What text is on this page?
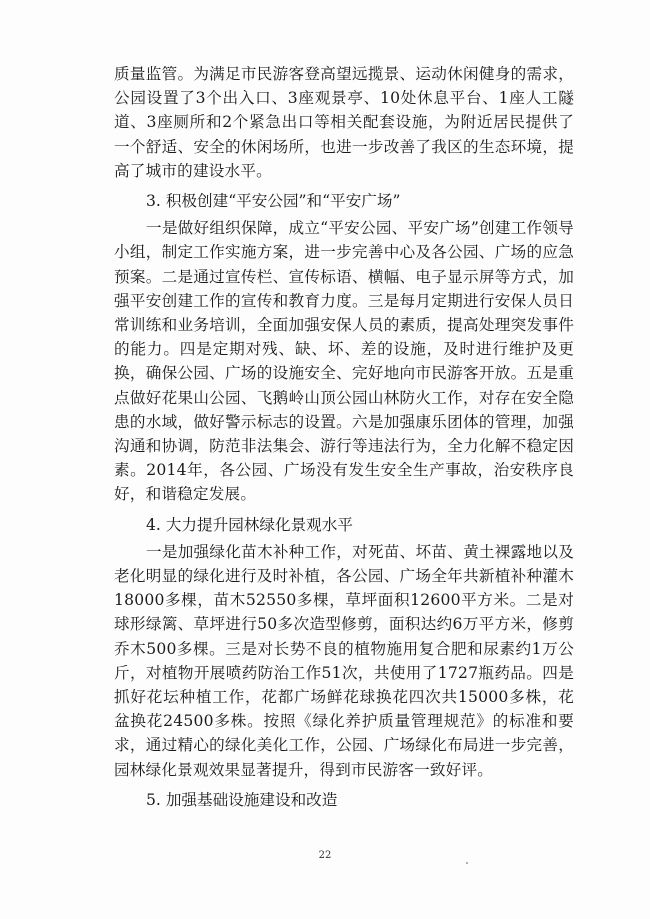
质量监管。为满足市民游客登高望远揽景、运动休闲健身的需求，公园设置了3个出入口、3座观景亭、10处休息平台、1座人工隧道、3座厕所和2个紧急出口等相关配套设施，为附近居民提供了一个舒适、安全的休闲场所，也进一步改善了我区的生态环境，提高了城市的建设水平。

3. 积极创建“平安公园”和“平安广场”

一是做好组织保障，成立“平安公园、平安广场”创建工作领导小组，制定工作实施方案，进一步完善中心及各公园、广场的应急预案。二是通过宣传栏、宣传标语、横幅、电子显示屏等方式，加强平安创建工作的宣传和教育力度。三是每月定期进行安保人员日常训练和业务培训，全面加强安保人员的素质，提高处理突发事件的能力。四是定期对残、缺、坏、差的设施，及时进行维护及更换，确保公园、广场的设施安全、完好地向市民游客开放。五是重点做好花果山公园、飞鹅岭山顶公园山林防火工作，对存在安全隐患的水域，做好警示标志的设置。六是加强康乐团体的管理，加强沟通和协调，防范非法集会、游行等违法行为，全力化解不稳定因素。2014年，各公园、广场没有发生安全生产事故，治安秩序良好，和谐稳定发展。

4. 大力提升园林绿化景观水平

一是加强绿化苗木补种工作，对死苗、坏苗、黄土裸露地以及老化明显的绿化进行及时补植，各公园、广场全年共新植补种灌木18000多棵，苗木52550多棵，草坪面积12600平方米。二是对球形绿篱、草坪进行50多次造型修剪，面积达约6万平方米，修剪乔木500多棵。三是对长势不良的植物施用复合肥和尿素约1万公斤，对植物开展喷药防治工作51次，共使用了1727瓶药品。四是抓好花坛种植工作，花都广场鲜花球换花四次共15000多株，花盆换花24500多株。按照《绿化养护质量管理规范》的标准和要求，通过精心的绿化美化工作，公园、广场绿化布局进一步完善，园林绿化景观效果显著提升，得到市民游客一致好评。

5. 加强基础设施建设和改造

22
